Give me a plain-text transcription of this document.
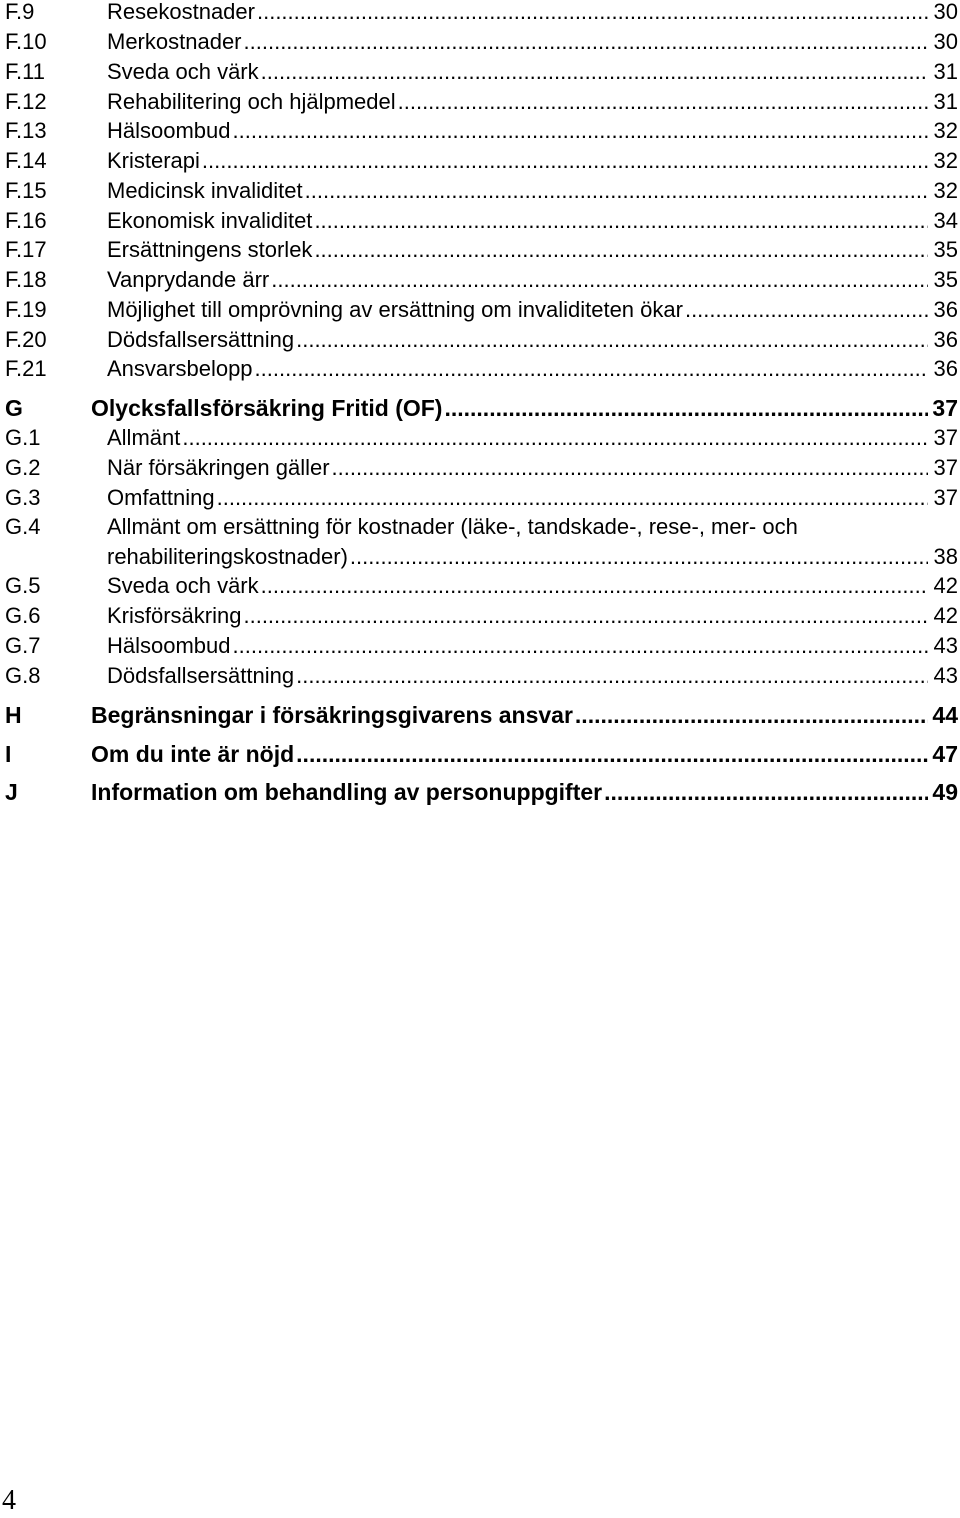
F.9	Resekostnader .....	30
F.10	Merkostnader .....	30
F.11	Sveda och värk .....	31
F.12	Rehabilitering och hjälpmedel .....	31
F.13	Hälsoombud .....	32
F.14	Kristerapi .....	32
F.15	Medicinsk invaliditet .....	32
F.16	Ekonomisk invaliditet .....	34
F.17	Ersättningens storlek .....	35
F.18	Vanprydande ärr .....	35
F.19	Möjlighet till omprövning av ersättning om invaliditeten ökar .....	36
F.20	Dödsfallsersättning .....	36
F.21	Ansvarsbelopp .....	36
G	Olycksfallsförsäkring Fritid (OF) .....	37
G.1	Allmänt .....	37
G.2	När försäkringen gäller .....	37
G.3	Omfattning .....	37
G.4	Allmänt om ersättning för kostnader (läke-, tandskade-, rese-, mer- och
rehabiliteringskostnader) .....	38
G.5	Sveda och värk .....	42
G.6	Krisförsäkring .....	42
G.7	Hälsoombud .....	43
G.8	Dödsfallsersättning .....	43
H	Begränsningar i försäkringsgivarens ansvar .....	44
I	Om du inte är nöjd .....	47
J	Information om behandling av personuppgifter .....	49
4
